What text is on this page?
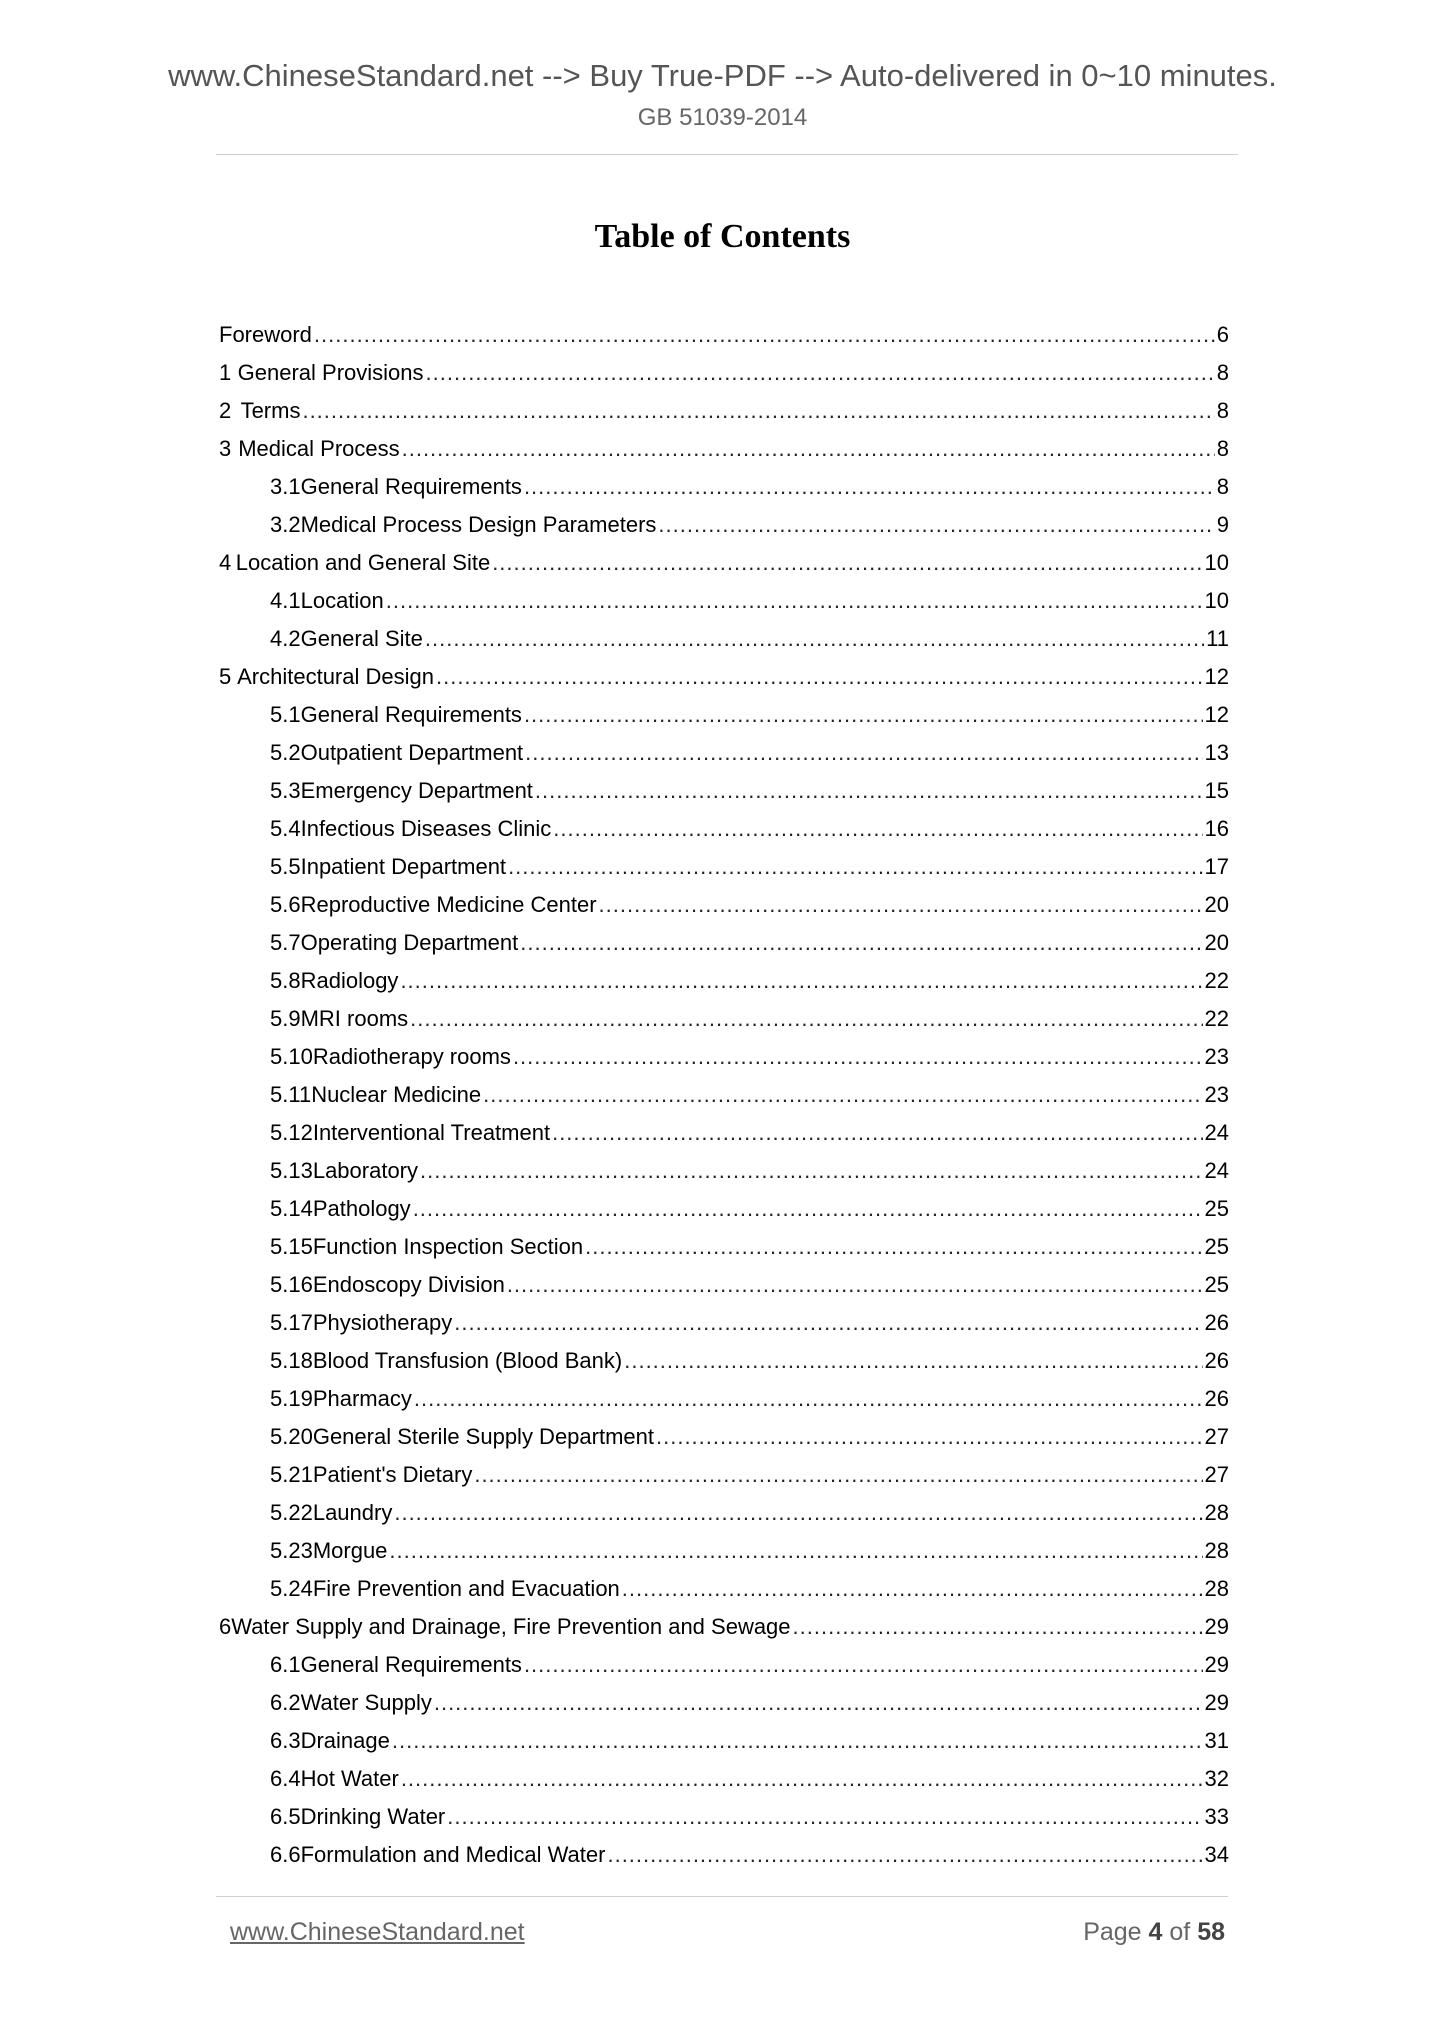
www.ChineseStandard.net --> Buy True-PDF --> Auto-delivered in 0~10 minutes.
GB 51039-2014
Table of Contents
Foreword .....	6
1 General Provisions .....	8
2 Terms .....	8
3 Medical Process .....	8
3.1 General Requirements .....	8
3.2 Medical Process Design Parameters .....	9
4 Location and General Site .....	10
4.1 Location .....	10
4.2 General Site .....	11
5 Architectural Design .....	12
5.1 General Requirements .....	12
5.2 Outpatient Department .....	13
5.3 Emergency Department .....	15
5.4 Infectious Diseases Clinic .....	16
5.5 Inpatient Department .....	17
5.6 Reproductive Medicine Center .....	20
5.7 Operating Department .....	20
5.8 Radiology .....	22
5.9 MRI rooms .....	22
5.10 Radiotherapy rooms .....	23
5.11 Nuclear Medicine .....	23
5.12 Interventional Treatment .....	24
5.13 Laboratory .....	24
5.14 Pathology .....	25
5.15 Function Inspection Section .....	25
5.16 Endoscopy Division .....	25
5.17 Physiotherapy .....	26
5.18 Blood Transfusion (Blood Bank) .....	26
5.19 Pharmacy .....	26
5.20 General Sterile Supply Department .....	27
5.21 Patient's Dietary .....	27
5.22 Laundry .....	28
5.23 Morgue .....	28
5.24 Fire Prevention and Evacuation .....	28
6 Water Supply and Drainage, Fire Prevention and Sewage .....	29
6.1 General Requirements .....	29
6.2 Water Supply .....	29
6.3 Drainage .....	31
6.4 Hot Water .....	32
6.5 Drinking Water .....	33
6.6 Formulation and Medical Water .....	34
www.ChineseStandard.net	Page 4 of 58
